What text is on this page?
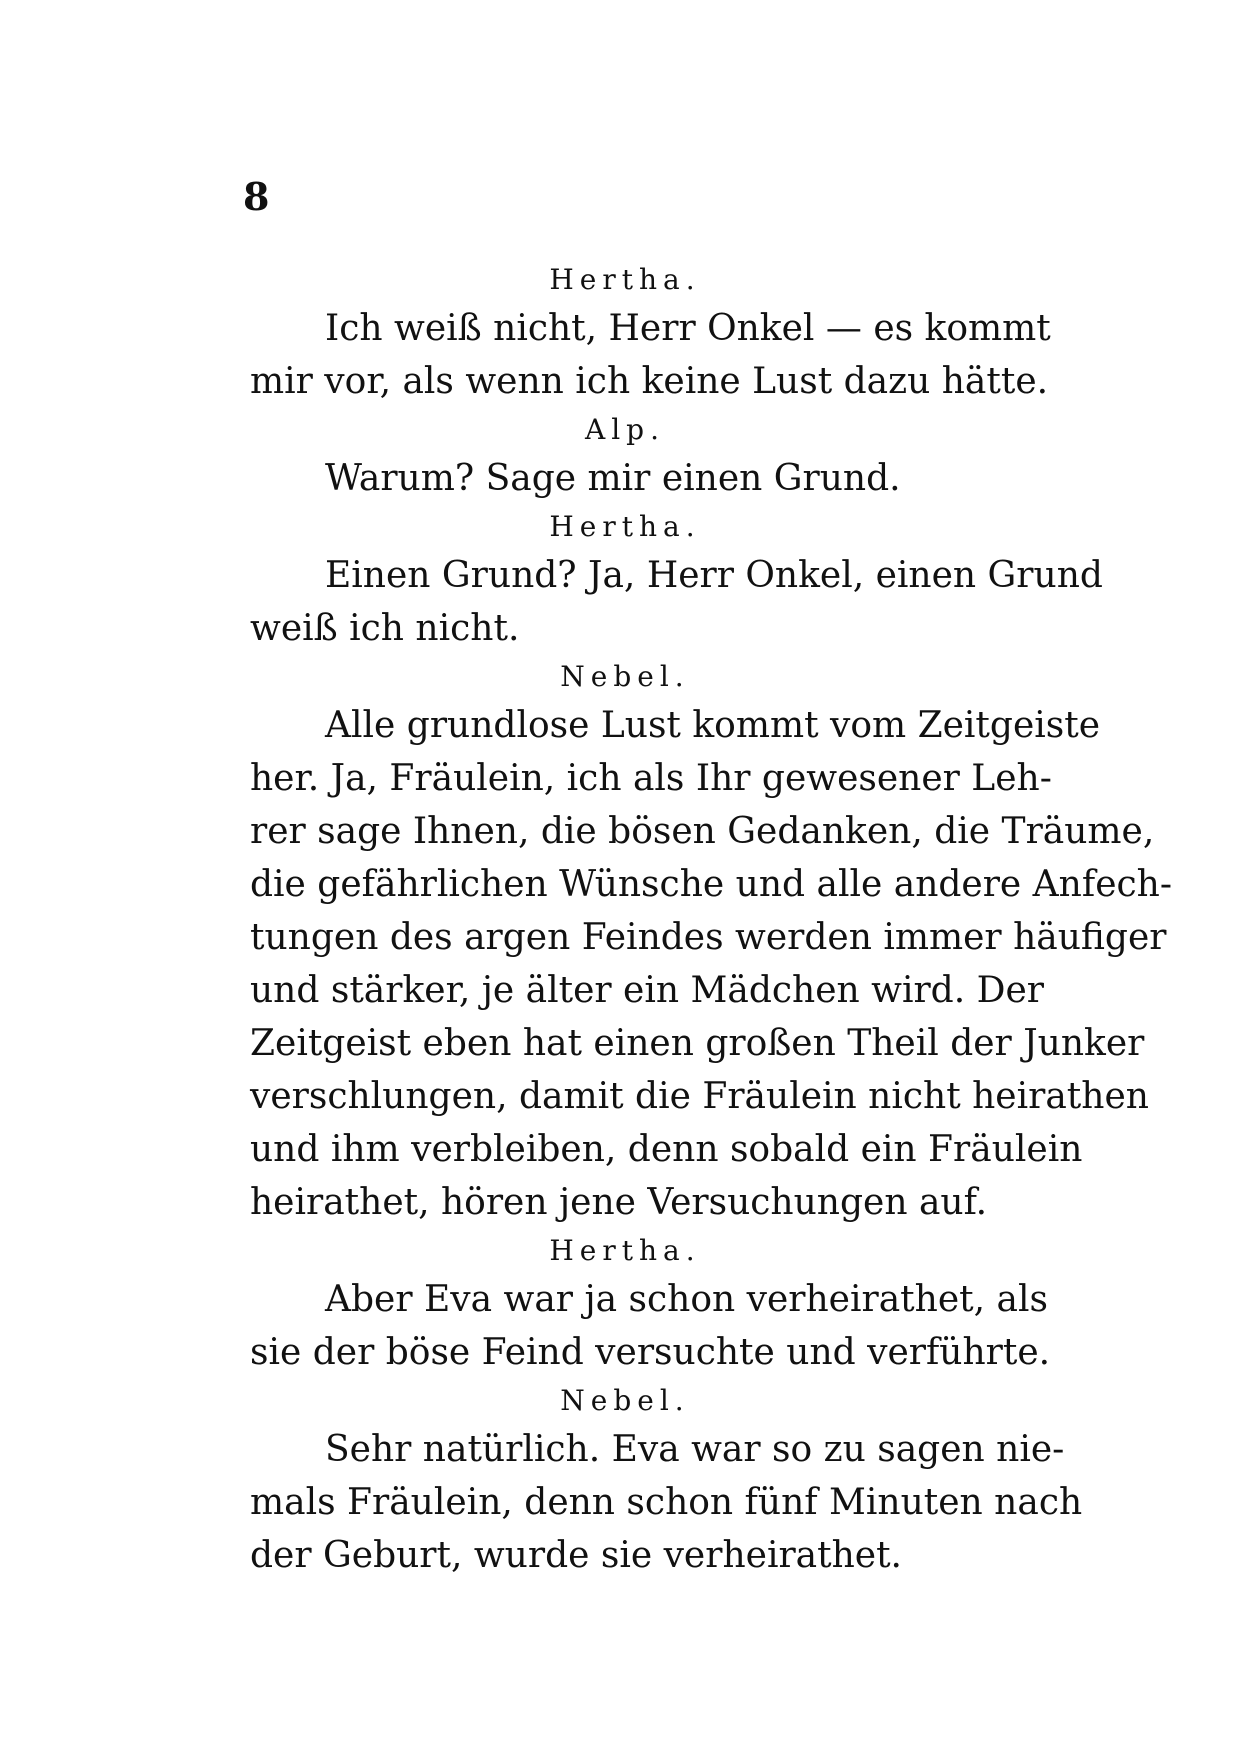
8
Hertha.
Ich weiß nicht, Herr Onkel — es kommt
mir vor, als wenn ich keine Lust dazu hätte.
Alp.
Warum? Sage mir einen Grund.
Hertha.
Einen Grund? Ja, Herr Onkel, einen Grund
weiß ich nicht.
Nebel.
Alle grundlose Lust kommt vom Zeitgeiste
her. Ja, Fräulein, ich als Ihr gewesener Leh-
rer sage Ihnen, die bösen Gedanken, die Träume,
die gefährlichen Wünsche und alle andere Anfech-
tungen des argen Feindes werden immer häufiger
und stärker, je älter ein Mädchen wird. Der
Zeitgeist eben hat einen großen Theil der Junker
verschlungen, damit die Fräulein nicht heirathen
und ihm verbleiben, denn sobald ein Fräulein
heirathet, hören jene Versuchungen auf.
Hertha.
Aber Eva war ja schon verheirathet, als
sie der böse Feind versuchte und verführte.
Nebel.
Sehr natürlich. Eva war so zu sagen nie-
mals Fräulein, denn schon fünf Minuten nach
der Geburt, wurde sie verheirathet.
